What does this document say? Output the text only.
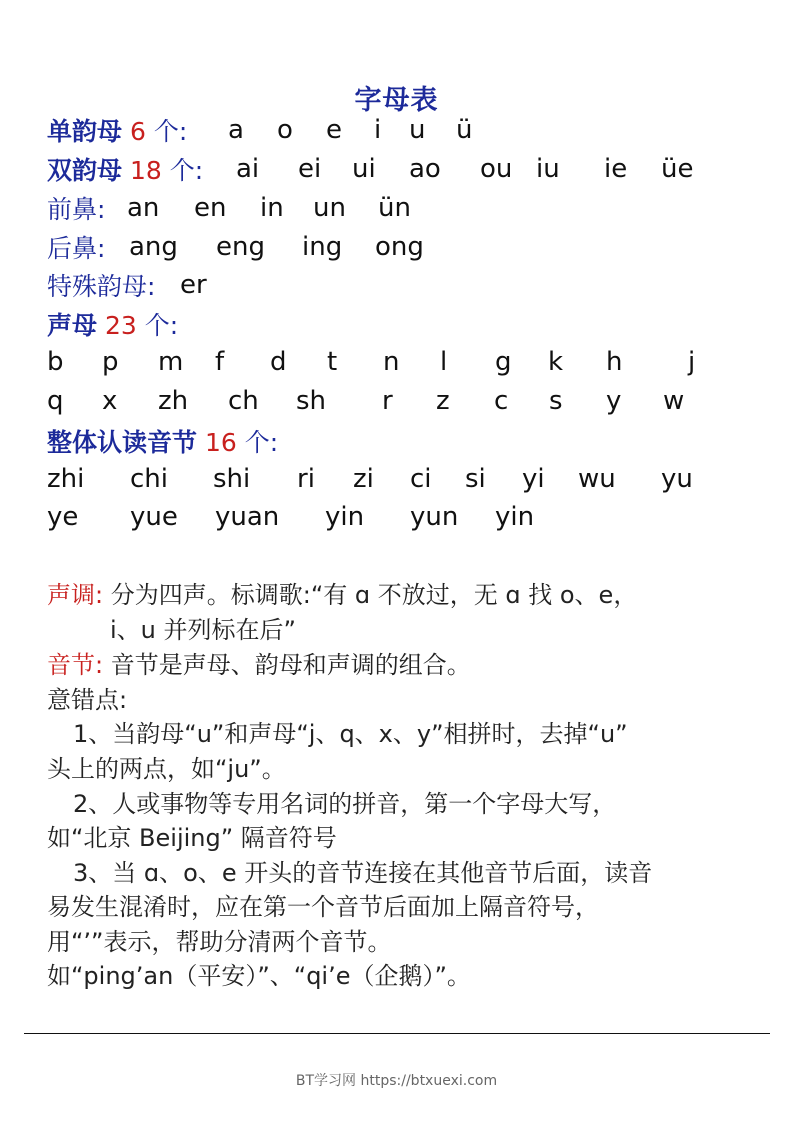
字母表
单韵母 6 个: a o e i u ü
双韵母 18 个: ai ei ui ao ou iu ie üe
前鼻: an en in un ün
后鼻: ang eng ing ong
特殊韵母: er
声母 23 个:
b p m f d t n l g k h	j
q x zh ch sh r z c s y w
整体认读音节 16 个:
zhi chi shi ri zi ci si yi wu yu
ye yue yuan yin yun yin
声调: 分为四声。标调歌:“有 ɑ 不放过，无 ɑ 找 o、e，
i、u 并列标在后”
音节: 音节是声母、韵母和声调的组合。
意错点:
1、当韵母“u”和声母“j、q、x、y”相拼时，去掉“u”
头上的两点，如“ju”。
2、人或事物等专用名词的拼音，第一个字母大写，
如“北京 Beijing” 隔音符号
3、当 ɑ、o、e 开头的音节连接在其他音节后面，读音
易发生混淆时，应在第一个音节后面加上隔音符号，
用“’”表示，帮助分清两个音节。
如“ping’an（平安）”、“qi’e（企鹅）”。
BT学习网 https://btxuexi.com
